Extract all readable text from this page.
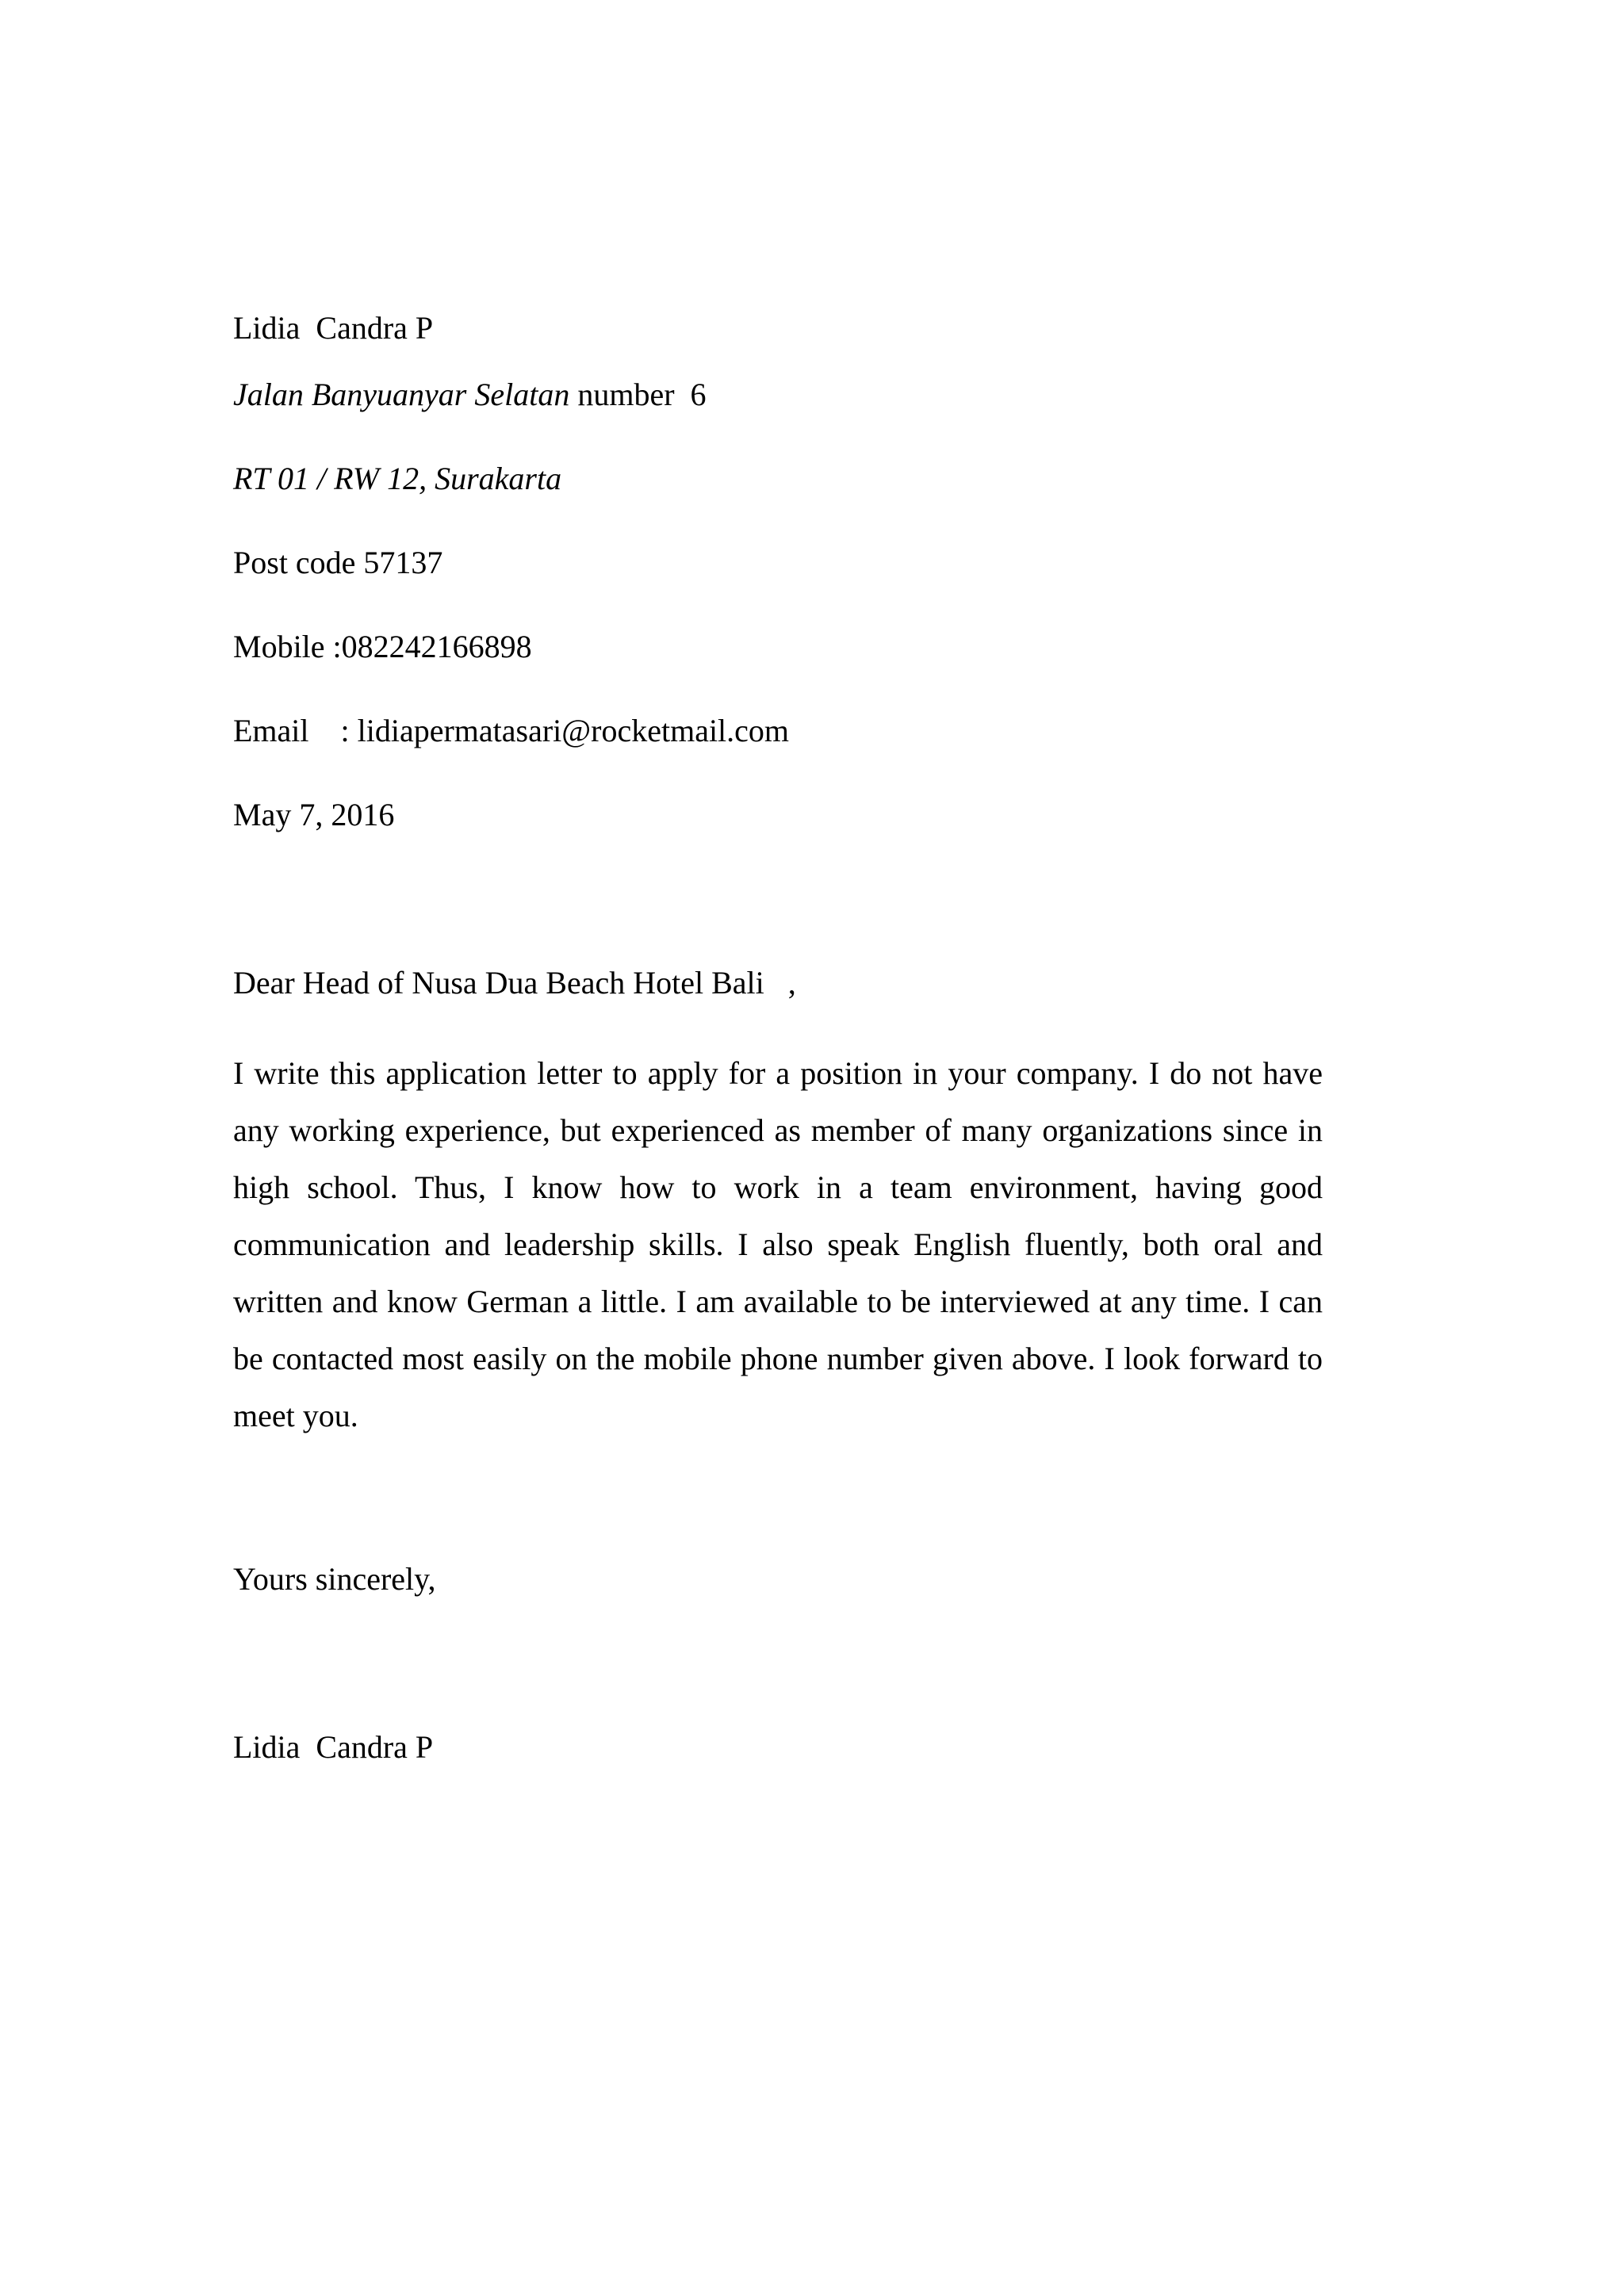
Lidia  Candra P
Jalan Banyuanyar Selatan number  6
RT 01 / RW 12, Surakarta
Post code 57137
Mobile :082242166898
Email    : lidiapermatasari@rocketmail.com
May 7, 2016
Dear Head of Nusa Dua Beach Hotel Bali   ,
I write this application letter to apply for a position in your company. I do not have any working experience, but experienced as member of many organizations since in high school. Thus, I know how to work in a team environment, having good communication and leadership skills. I also speak English fluently, both oral and written and know German a little. I am available to be interviewed at any time. I can be contacted most easily on the mobile phone number given above. I look forward to meet you.
Yours sincerely,
Lidia  Candra P
